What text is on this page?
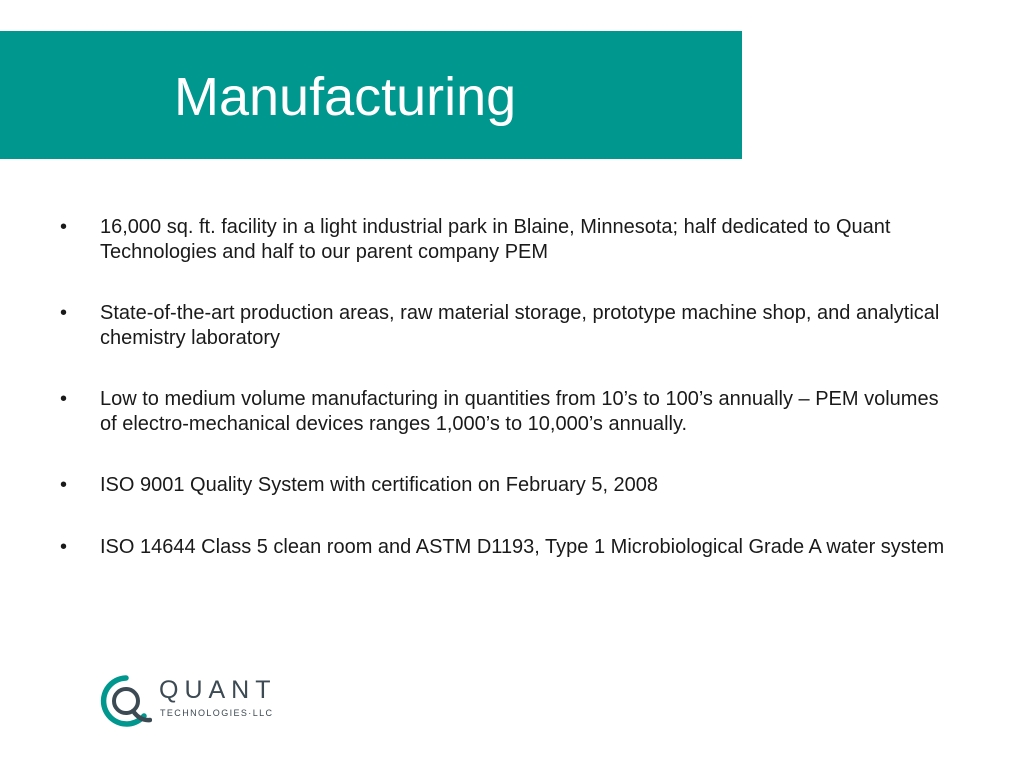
Manufacturing
• 16,000 sq. ft. facility in a light industrial park in Blaine, Minnesota; half dedicated to Quant Technologies and half to our parent company PEM
• State-of-the-art production areas, raw material storage, prototype machine shop, and analytical chemistry laboratory
• Low to medium volume manufacturing in quantities from 10’s to 100’s annually – PEM volumes of electro-mechanical devices ranges 1,000’s to 10,000’s annually.
• ISO 9001 Quality System with certification on February 5, 2008
• ISO 14644 Class 5 clean room and ASTM D1193, Type 1 Microbiological Grade A water system
QUANT
TECHNOLOGIES·LLC
